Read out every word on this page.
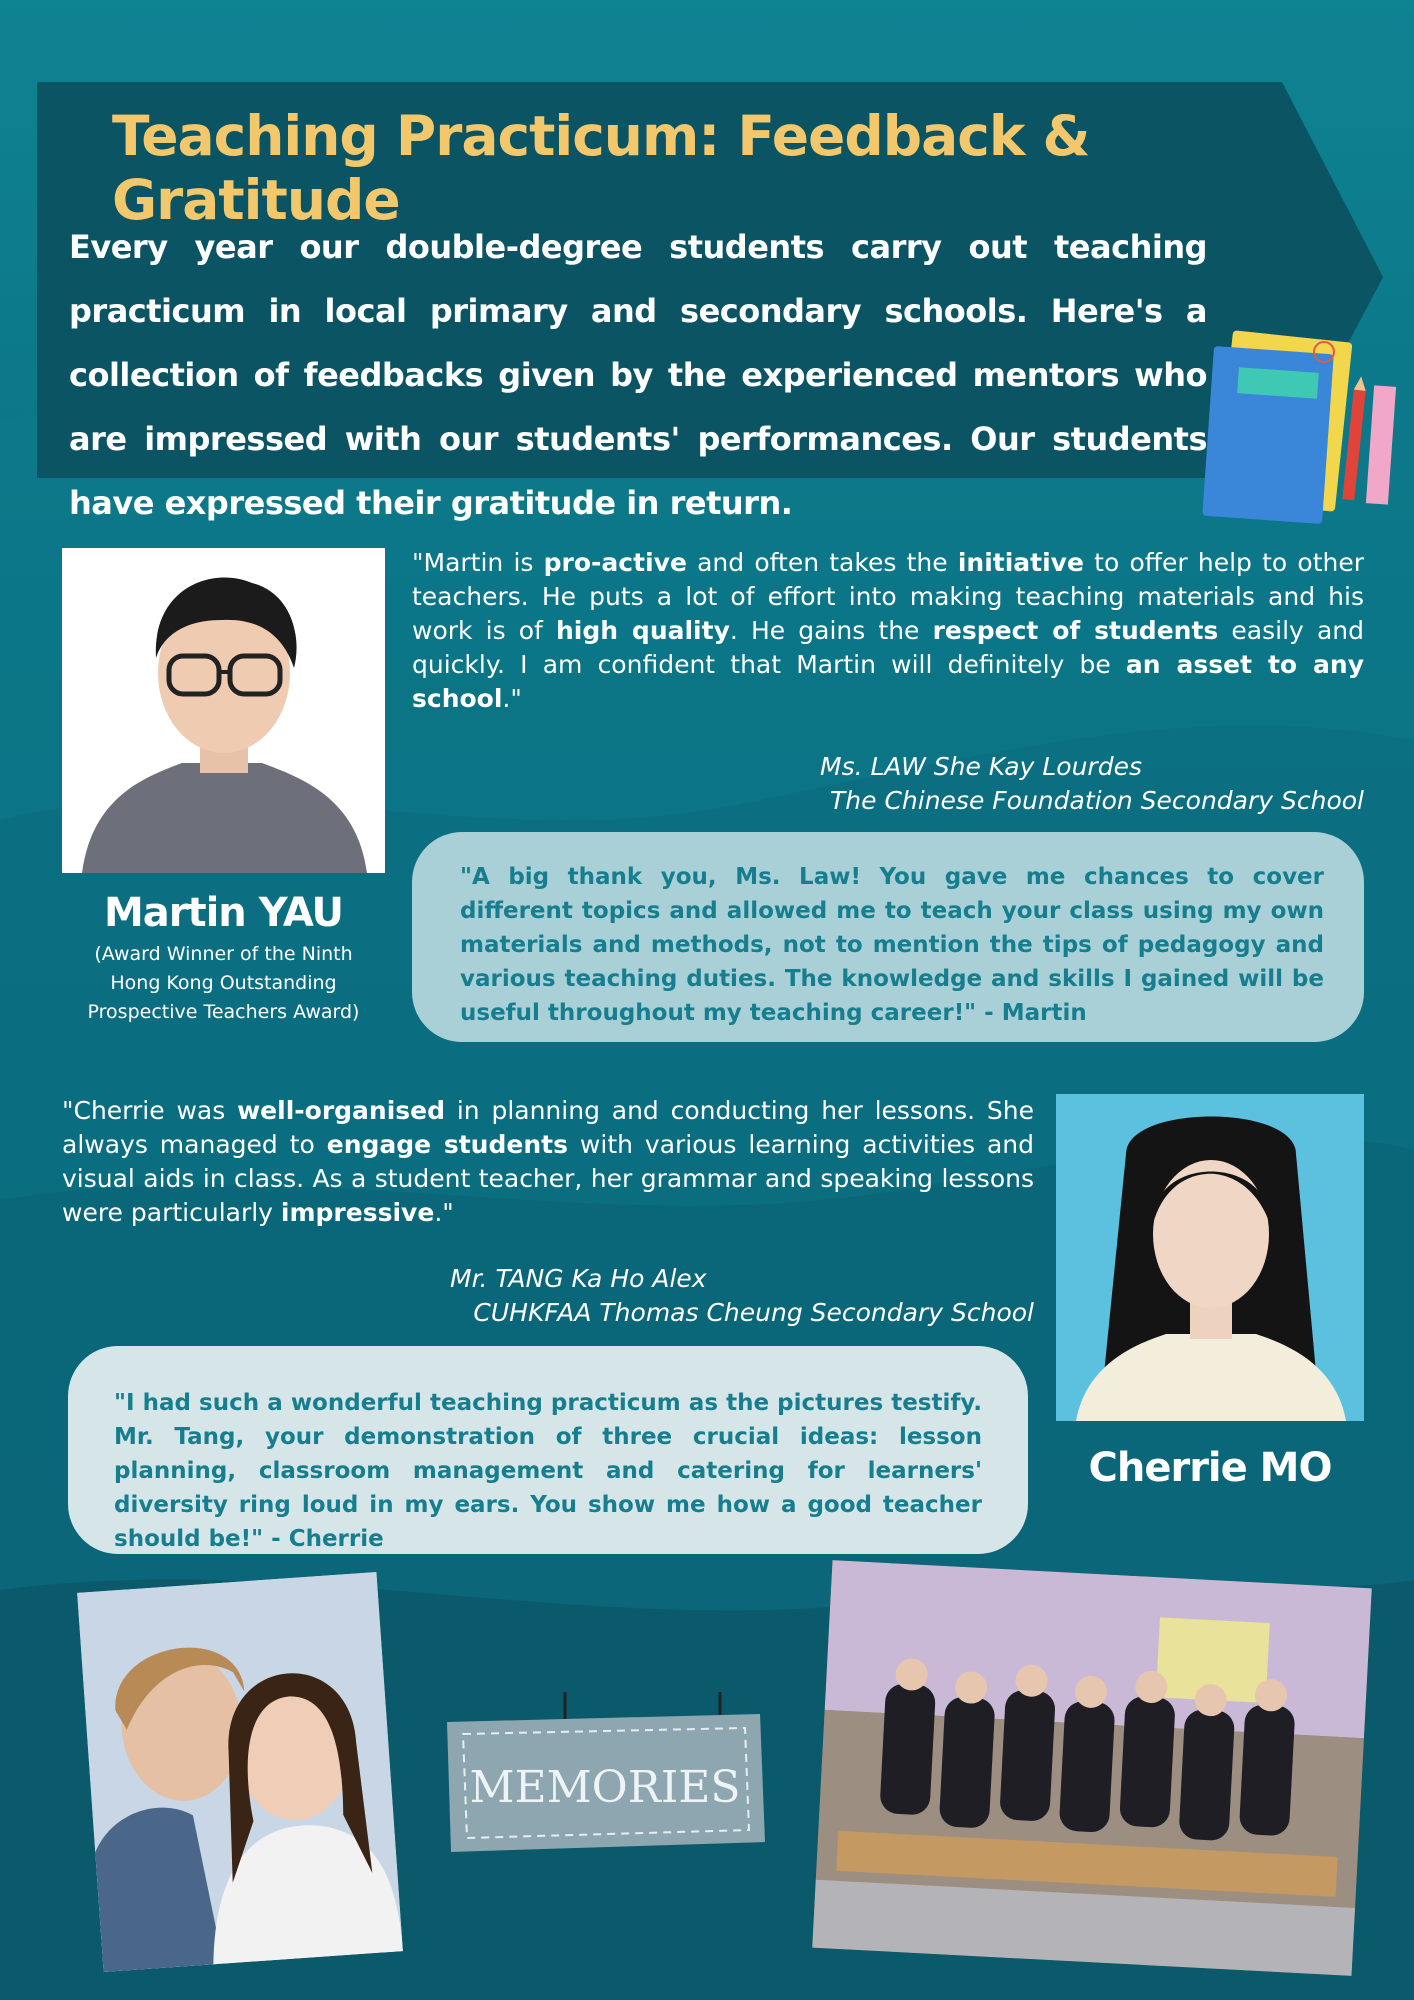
Teaching Practicum: Feedback & Gratitude

Every year our double-degree students carry out teaching practicum in local primary and secondary schools. Here's a collection of feedbacks given by the experienced mentors who are impressed with our students' performances. Our students have expressed their gratitude in return.

Martin YAU

(Award Winner of the Ninth

Hong Kong Outstanding

Prospective Teachers Award)

"Martin is pro-active and often takes the initiative to offer help to other teachers. He puts a lot of effort into making teaching materials and his work is of high quality. He gains the respect of students easily and quickly. I am confident that Martin will definitely be an asset to any school."

Ms. LAW She Kay Lourdes

The Chinese Foundation Secondary School

"A big thank you, Ms. Law! You gave me chances to cover different topics and allowed me to teach your class using my own materials and methods, not to mention the tips of pedagogy and various teaching duties. The knowledge and skills I gained will be useful throughout my teaching career!" - Martin

"Cherrie was well-organised in planning and conducting her lessons. She always managed to engage students with various learning activities and visual aids in class. As a student teacher, her grammar and speaking lessons were particularly impressive."

Mr. TANG Ka Ho Alex

CUHKFAA Thomas Cheung Secondary School

"I had such a wonderful teaching practicum as the pictures testify. Mr. Tang, your demonstration of three crucial ideas: lesson planning, classroom management and catering for learners' diversity ring loud in my ears. You show me how a good teacher should be!" - Cherrie

Cherrie MO

MEMORIES
